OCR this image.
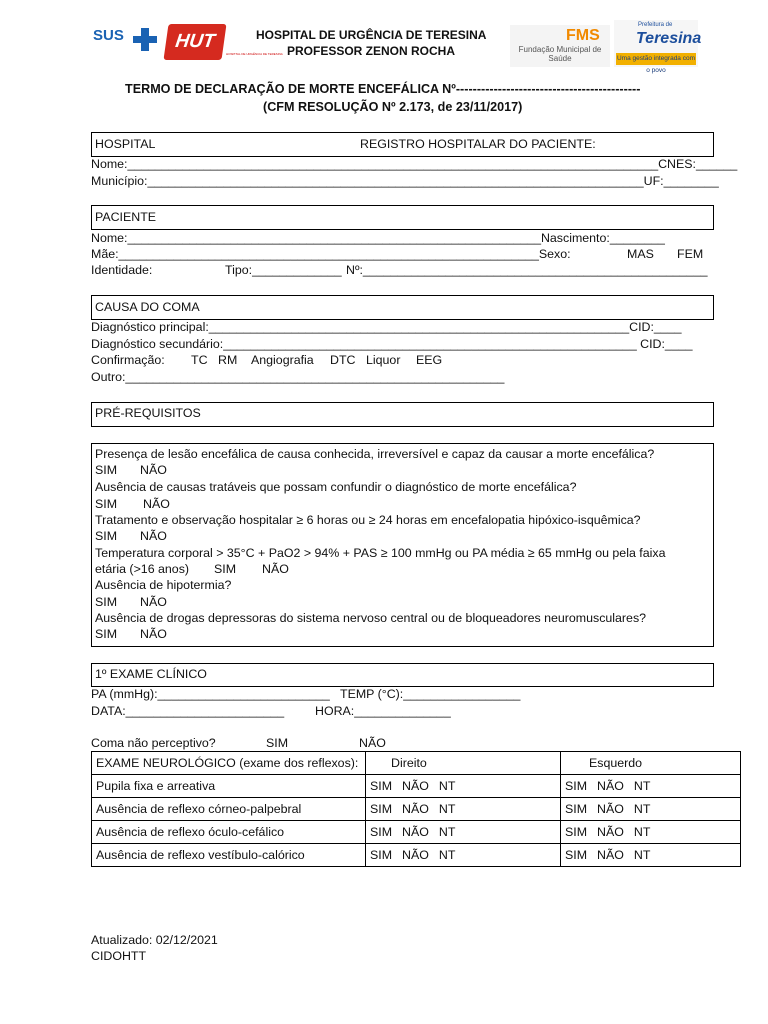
SUS	HUT
HOSPITAL DE URGÊNCIA DE TERESINA
HOSPITAL DE URGÊNCIA DE TERESINA
PROFESSOR ZENON ROCHA
FMS
Fundação Municipal de Saúde
Prefeitura de
Teresina
Uma gestão integrada com o povo
TERMO DE DECLARAÇÃO DE MORTE ENCEFÁLICA Nº--------------------------------------------
(CFM RESOLUÇÃO Nº 2.173, de 23/11/2017)
HOSPITAL	REGISTRO HOSPITALAR DO PACIENTE:
Nome:_____________________________________________________________________________CNES:______
Município:________________________________________________________________________UF:________
PACIENTE
Nome:____________________________________________________________Nascimento:________
Mãe:_____________________________________________________________Sexo:	MAS FEM
Identidade:	Tipo:_____________ Nº:__________________________________________________
CAUSA DO COMA
Diagnóstico principal:_____________________________________________________________CID:____
Diagnóstico secundário:____________________________________________________________ CID:____
Confirmação: TC RM Angiografia DTC Liquor EEG
Outro:_______________________________________________________
PRÉ-REQUISITOS
Presença de lesão encefálica de causa conhecida, irreversível e capaz da causar a morte encefálica?
SIM NÃO
Ausência de causas tratáveis que possam confundir o diagnóstico de morte encefálica?
SIM NÃO
Tratamento e observação hospitalar ≥ 6 horas ou ≥ 24 horas em encefalopatia hipóxico-isquêmica?
SIM NÃO
Temperatura corporal > 35°C + PaO2 > 94% + PAS ≥ 100 mmHg ou PA média ≥ 65 mmHg ou pela faixa
etária (>16 anos) SIM NÃO
Ausência de hipotermia?
SIM NÃO
Ausência de drogas depressoras do sistema nervoso central ou de bloqueadores neuromusculares?
SIM NÃO
1º EXAME CLÍNICO
PA (mmHg):_________________________ TEMP (°C):_________________
DATA:_______________________ HORA:______________
Coma não perceptivo?	SIM	NÃO
EXAME NEUROLÓGICO (exame dos reflexos):	Direito	Esquerdo
Pupila fixa e arreativa	SIM NÃO NT	SIM NÃO NT
Ausência de reflexo córneo-palpebral	SIM NÃO NT	SIM NÃO NT
Ausência de reflexo óculo-cefálico	SIM NÃO NT	SIM NÃO NT
Ausência de reflexo vestíbulo-calórico	SIM NÃO NT	SIM NÃO NT
Atualizado: 02/12/2021
CIDOHTT
